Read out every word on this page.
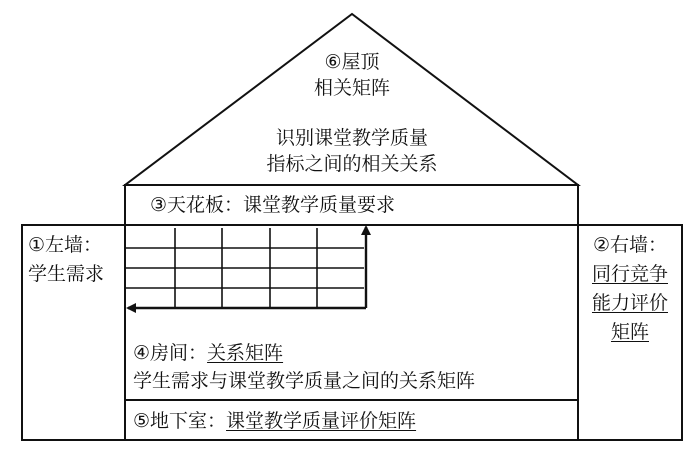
⑥屋顶
相关矩阵
识别课堂教学质量
指标之间的相关关系
③天花板：课堂教学质量要求
①左墙：
学生需求
②右墙：
同行竞争
能力评价
矩阵
④房间：关系矩阵
学生需求与课堂教学质量之间的关系矩阵
⑤地下室：课堂教学质量评价矩阵
